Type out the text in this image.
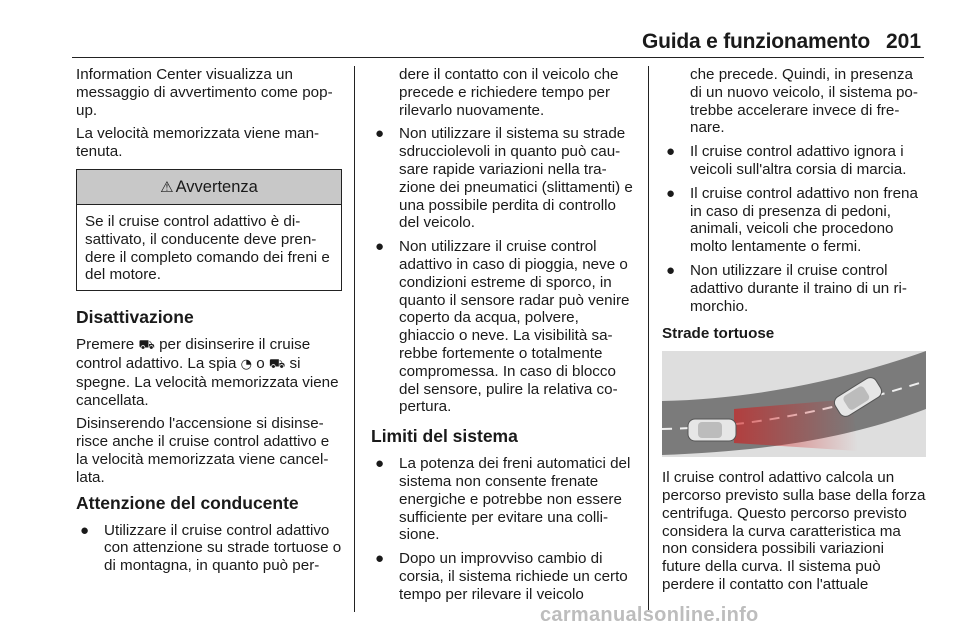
Guida e funzionamento 201

Information Center visualizza un messaggio di avvertimento come pop-up.

La velocità memorizzata viene mantenuta.

⚠ Avvertenza
Se il cruise control adattivo è disattivato, il conducente deve prendere il completo comando dei freni e del motore.
Disattivazione

Premere ⛟ per disinserire il cruise control adattivo. La spia ◔ o ⛟ si spegne. La velocità memorizzata viene cancellata.

Disinserendo l'accensione si disinserisce anche il cruise control adattivo e la velocità memorizzata viene cancellata.

Attenzione del conducente
● Utilizzare il cruise control adattivo con attenzione su strade tortuose o di montagna, in quanto può per-
dere il contatto con il veicolo che precede e richiedere tempo per rilevarlo nuovamente.
● Non utilizzare il sistema su strade sdrucciolevoli in quanto può causare rapide variazioni nella trazione dei pneumatici (slittamenti) e una possibile perdita di controllo del veicolo.
● Non utilizzare il cruise control adattivo in caso di pioggia, neve o condizioni estreme di sporco, in quanto il sensore radar può venire coperto da acqua, polvere, ghiaccio o neve. La visibilità sarebbe fortemente o totalmente compromessa. In caso di blocco del sensore, pulire la relativa copertura.
Limiti del sistema
● La potenza dei freni automatici del sistema non consente frenate energiche e potrebbe non essere sufficiente per evitare una collisione.
● Dopo un improvviso cambio di corsia, il sistema richiede un certo tempo per rilevare il veicolo
che precede. Quindi, in presenza di un nuovo veicolo, il sistema potrebbe accelerare invece di frenare.
● Il cruise control adattivo ignora i veicoli sull'altra corsia di marcia.
● Il cruise control adattivo non frena in caso di presenza di pedoni, animali, veicoli che procedono molto lentamente o fermi.
● Non utilizzare il cruise control adattivo durante il traino di un rimorchio.
Strade tortuose

Il cruise control adattivo calcola un percorso previsto sulla base della forza centrifuga. Questo percorso previsto considera la curva caratteristica ma non considera possibili variazioni future della curva. Il sistema può perdere il contatto con l'attuale

carmanualsonline.info
